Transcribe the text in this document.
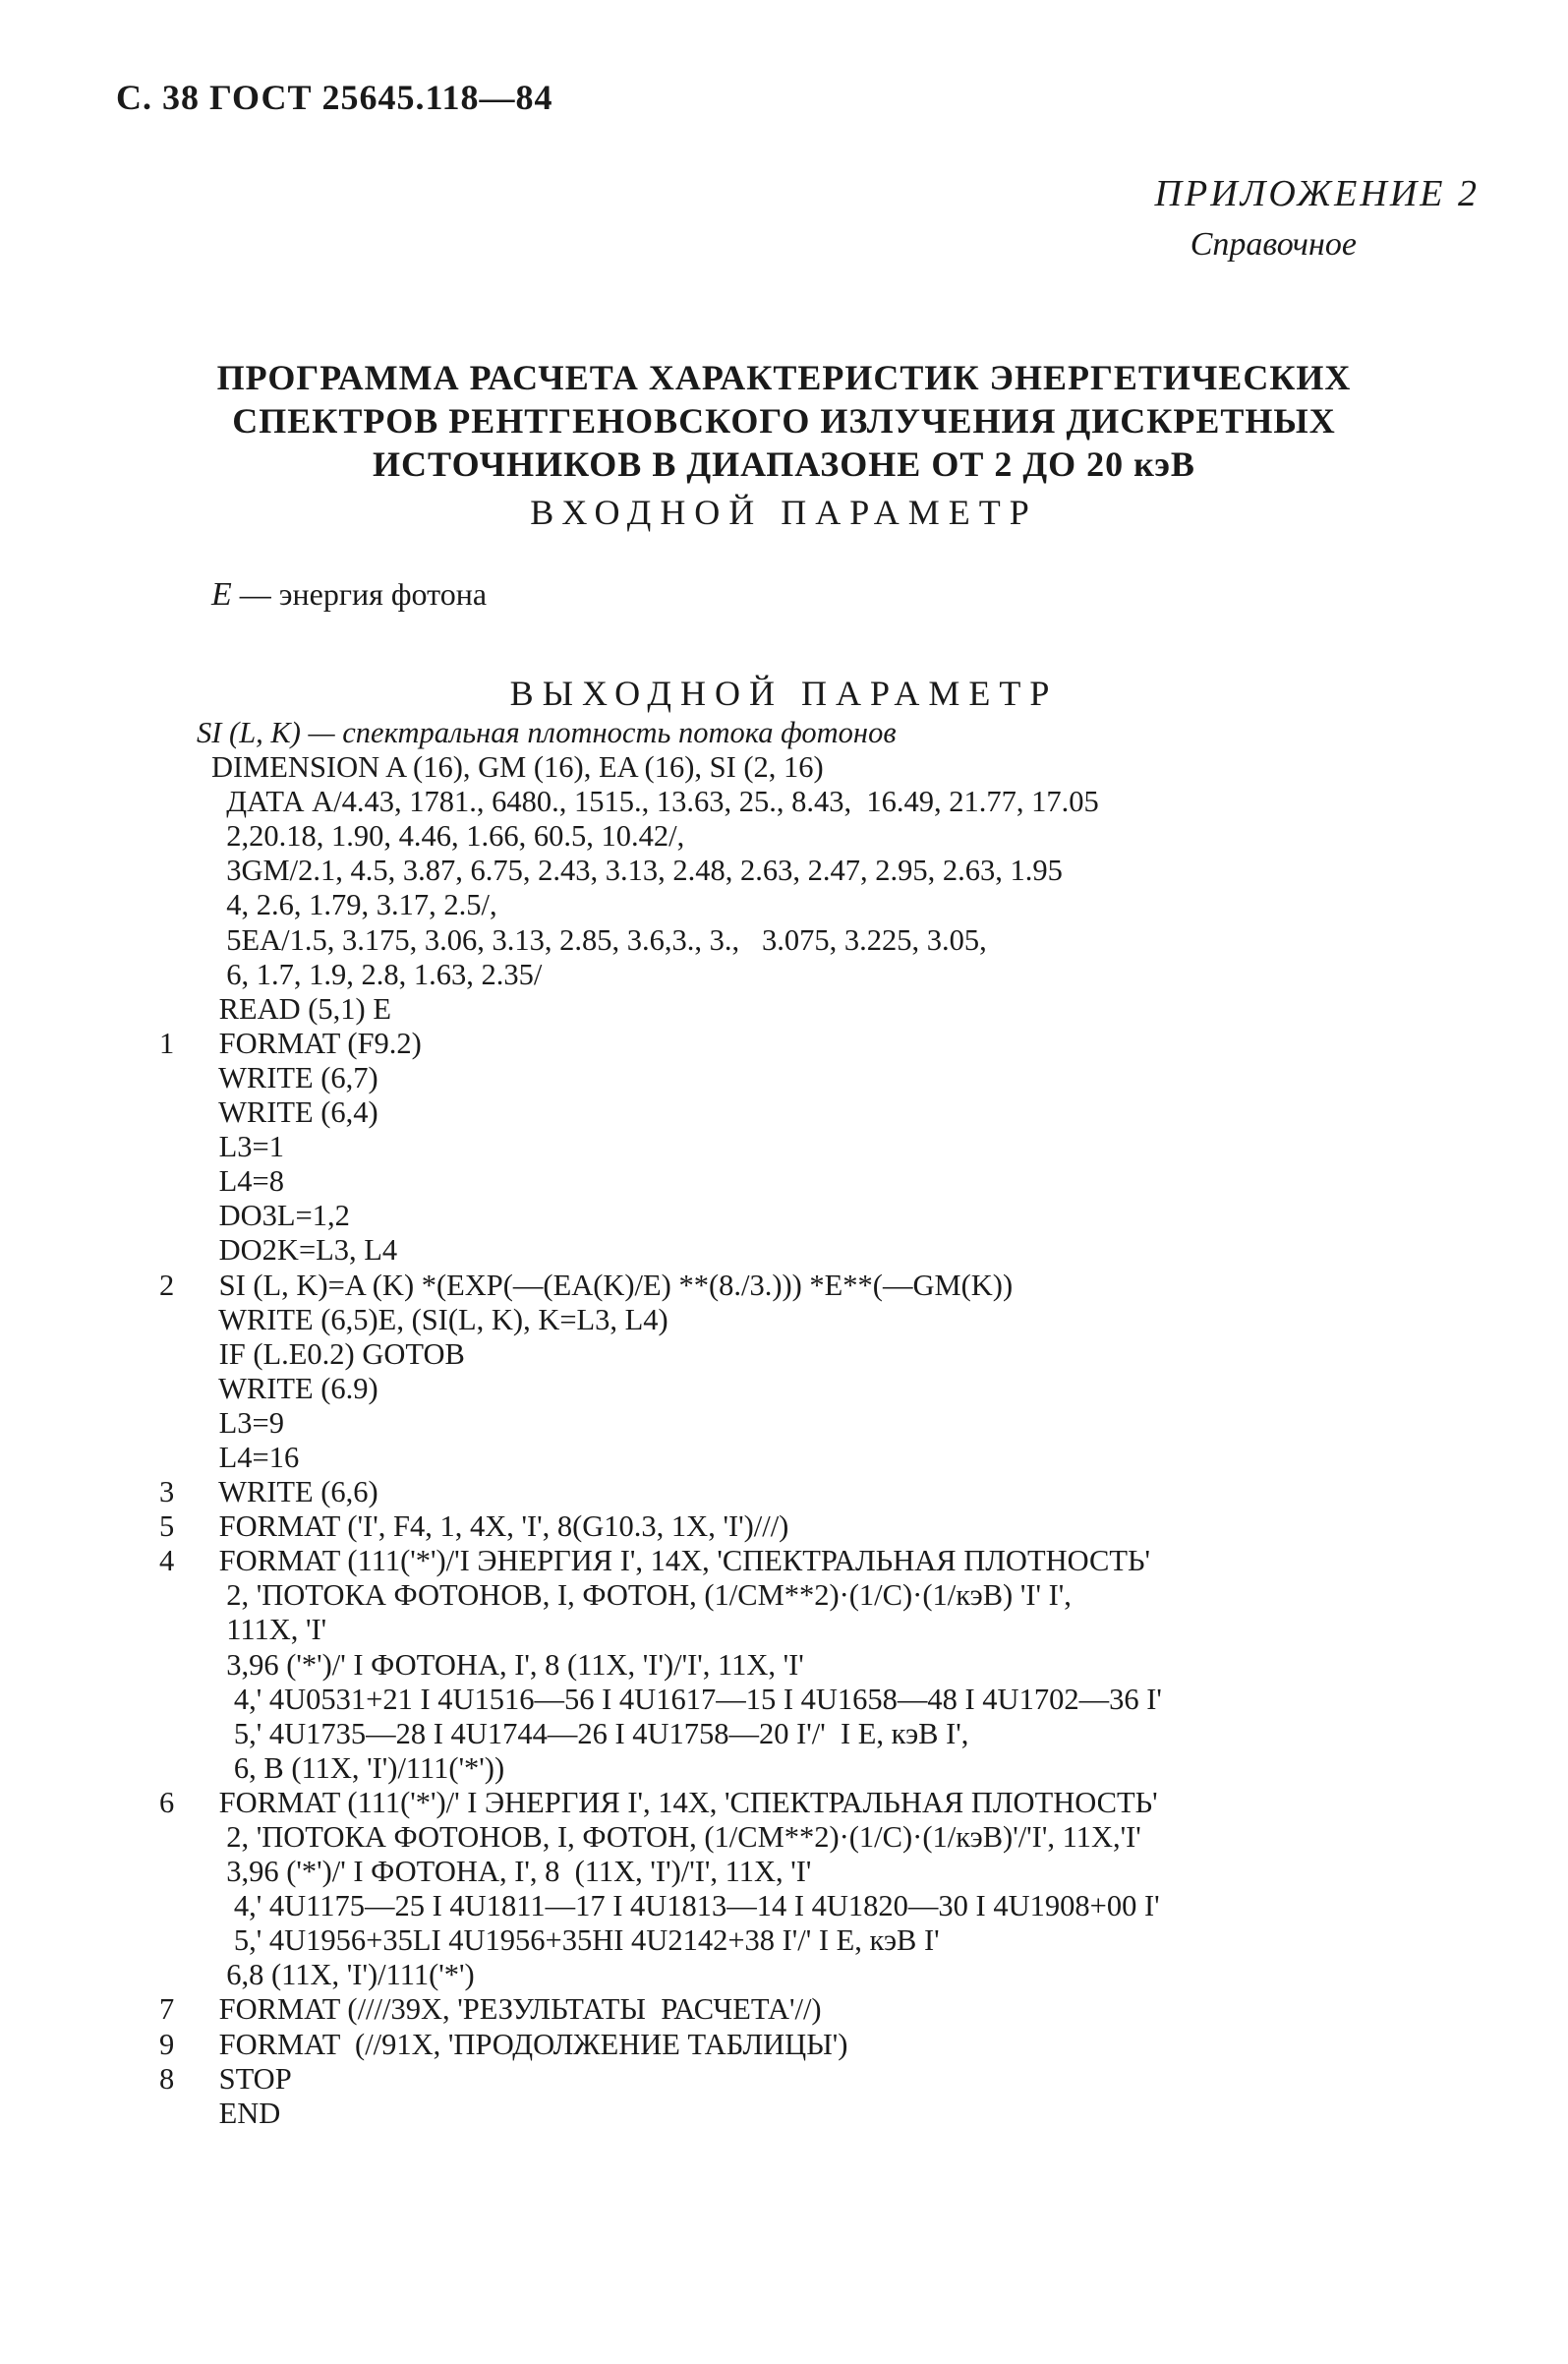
С. 38 ГОСТ 25645.118—84
ПРИЛОЖЕНИЕ 2
Справочное
ПРОГРАММА РАСЧЕТА ХАРАКТЕРИСТИК ЭНЕРГЕТИЧЕСКИХ
СПЕКТРОВ РЕНТГЕНОВСКОГО ИЗЛУЧЕНИЯ ДИСКРЕТНЫХ
ИСТОЧНИКОВ В ДИАПАЗОНЕ ОТ 2 ДО 20 кэВ
ВХОДНОЙ ПАРАМЕТР
E — энергия фотона
ВЫХОДНОЙ ПАРАМЕТР
SI (L, K) — спектральная плотность потока фотонов
DIMENSION A (16), GM (16), EA (16), SI (2, 16)
ДАТА A/4.43, 1781., 6480., 1515., 13.63, 25., 8.43,  16.49, 21.77, 17.05
2,20.18, 1.90, 4.46, 1.66, 60.5, 10.42/,
3GM/2.1, 4.5, 3.87, 6.75, 2.43, 3.13, 2.48, 2.63, 2.47, 2.95, 2.63, 1.95
4, 2.6, 1.79, 3.17, 2.5/,
5EA/1.5, 3.175, 3.06, 3.13, 2.85, 3.6,3., 3.,   3.075, 3.225, 3.05,
6, 1.7, 1.9, 2.8, 1.63, 2.35/
READ (5,1) E
1	FORMAT (F9.2)
WRITE (6,7)
WRITE (6,4)
L3=1
L4=8
DO3L=1,2
DO2K=L3, L4
2	SI (L, K)=A (K) *(EXP(—(EA(K)/E) **(8./3.))) *E**(—GM(K))
WRITE (6,5)E, (SI(L, K), K=L3, L4)
IF (L.E0.2) GOTOB
WRITE (6.9)
L3=9
L4=16
3	WRITE (6,6)
5	FORMAT ('I', F4, 1, 4X, 'I', 8(G10.3, 1X, 'I')///)
4	FORMAT (111('*')/'I ЭНЕРГИЯ I', 14X, 'СПЕКТРАЛЬНАЯ ПЛОТНОСТЬ'
2, 'ПОТОКА ФОТОНОВ, I, ФОТОН, (1/СМ**2)·(1/С)·(1/кэВ) 'I' I',
111X, 'I'
3,96 ('*')/' I ФОТОНА, I', 8 (11X, 'I')/'I', 11X, 'I'
4,' 4U0531+21 I 4U1516—56 I 4U1617—15 I 4U1658—48 I 4U1702—36 I'
5,' 4U1735—28 I 4U1744—26 I 4U1758—20 I'/'  I E, кэВ I',
6, B (11X, 'I')/111('*'))
6	FORMAT (111('*')/' I ЭНЕРГИЯ I', 14X, 'СПЕКТРАЛЬНАЯ ПЛОТНОСТЬ'
2, 'ПОТОКА ФОТОНОВ, I, ФОТОН, (1/СМ**2)·(1/С)·(1/кэВ)'/'I', 11X,'I'
3,96 ('*')/' I ФОТОНА, I', 8  (11X, 'I')/'I', 11X, 'I'
4,' 4U1175—25 I 4U1811—17 I 4U1813—14 I 4U1820—30 I 4U1908+00 I'
5,' 4U1956+35LI 4U1956+35HI 4U2142+38 I'/' I E, кэВ I'
6,8 (11X, 'I')/111('*')
7	FORMAT (////39X, 'РЕЗУЛЬТАТЫ  РАСЧЕТА'//)
9	FORMAT  (//91X, 'ПРОДОЛЖЕНИЕ ТАБЛИЦЫ')
8	STOP
END
